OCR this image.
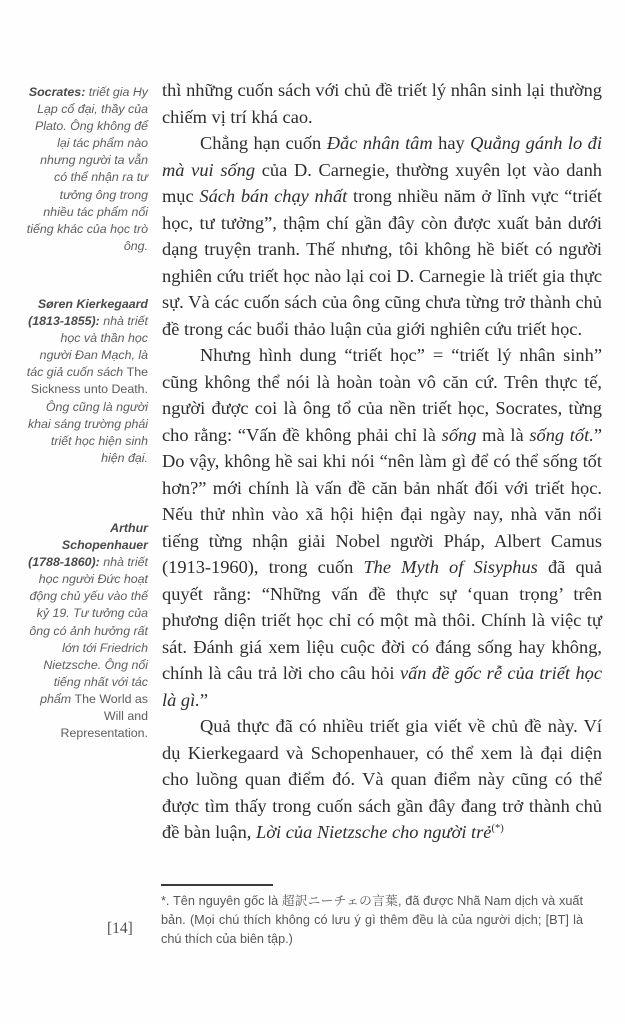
Socrates: triết gia Hy Lạp cổ đại, thầy của Plato. Ông không để lại tác phẩm nào nhưng người ta vẫn có thể nhận ra tư tưởng ông trong nhiều tác phẩm nổi tiếng khác của học trò ông.
Søren Kierkegaard (1813-1855): nhà triết học và thần học người Đan Mạch, là tác giả cuốn sách The Sickness unto Death. Ông cũng là người khai sáng trường phái triết học hiện sinh hiện đại.
Arthur Schopenhauer (1788-1860): nhà triết học người Đức hoạt động chủ yếu vào thế kỷ 19. Tư tưởng của ông có ảnh hưởng rất lớn tới Friedrich Nietzsche. Ông nổi tiếng nhất với tác phẩm The World as Will and Representation.

thì những cuốn sách với chủ đề triết lý nhân sinh lại thường chiếm vị trí khá cao.

Chẳng hạn cuốn Đắc nhân tâm hay Quẳng gánh lo đi mà vui sống của D. Carnegie, thường xuyên lọt vào danh mục Sách bán chạy nhất trong nhiều năm ở lĩnh vực “triết học, tư tưởng”, thậm chí gần đây còn được xuất bản dưới dạng truyện tranh. Thế nhưng, tôi không hề biết có người nghiên cứu triết học nào lại coi D. Carnegie là triết gia thực sự. Và các cuốn sách của ông cũng chưa từng trở thành chủ đề trong các buổi thảo luận của giới nghiên cứu triết học.

Nhưng hình dung “triết học” = “triết lý nhân sinh” cũng không thể nói là hoàn toàn vô căn cứ. Trên thực tế, người được coi là ông tổ của nền triết học, Socrates, từng cho rằng: “Vấn đề không phải chỉ là sống mà là sống tốt.” Do vậy, không hề sai khi nói “nên làm gì để có thể sống tốt hơn?” mới chính là vấn đề căn bản nhất đối với triết học. Nếu thử nhìn vào xã hội hiện đại ngày nay, nhà văn nổi tiếng từng nhận giải Nobel người Pháp, Albert Camus (1913-1960), trong cuốn The Myth of Sisyphus đã quả quyết rằng: “Những vấn đề thực sự ‘quan trọng’ trên phương diện triết học chỉ có một mà thôi. Chính là việc tự sát. Đánh giá xem liệu cuộc đời có đáng sống hay không, chính là câu trả lời cho câu hỏi vấn đề gốc rễ của triết học là gì.”

Quả thực đã có nhiều triết gia viết về chủ đề này. Ví dụ Kierkegaard và Schopenhauer, có thể xem là đại diện cho luồng quan điểm đó. Và quan điểm này cũng có thể được tìm thấy trong cuốn sách gần đây đang trở thành chủ đề bàn luận, Lời của Nietzsche cho người trẻ(*)

*. Tên nguyên gốc là 超訳ニーチェの言葉, đã được Nhã Nam dịch và xuất bản. (Mọi chú thích không có lưu ý gì thêm đều là của người dịch; [BT] là chú thích của biên tập.)
[14]
